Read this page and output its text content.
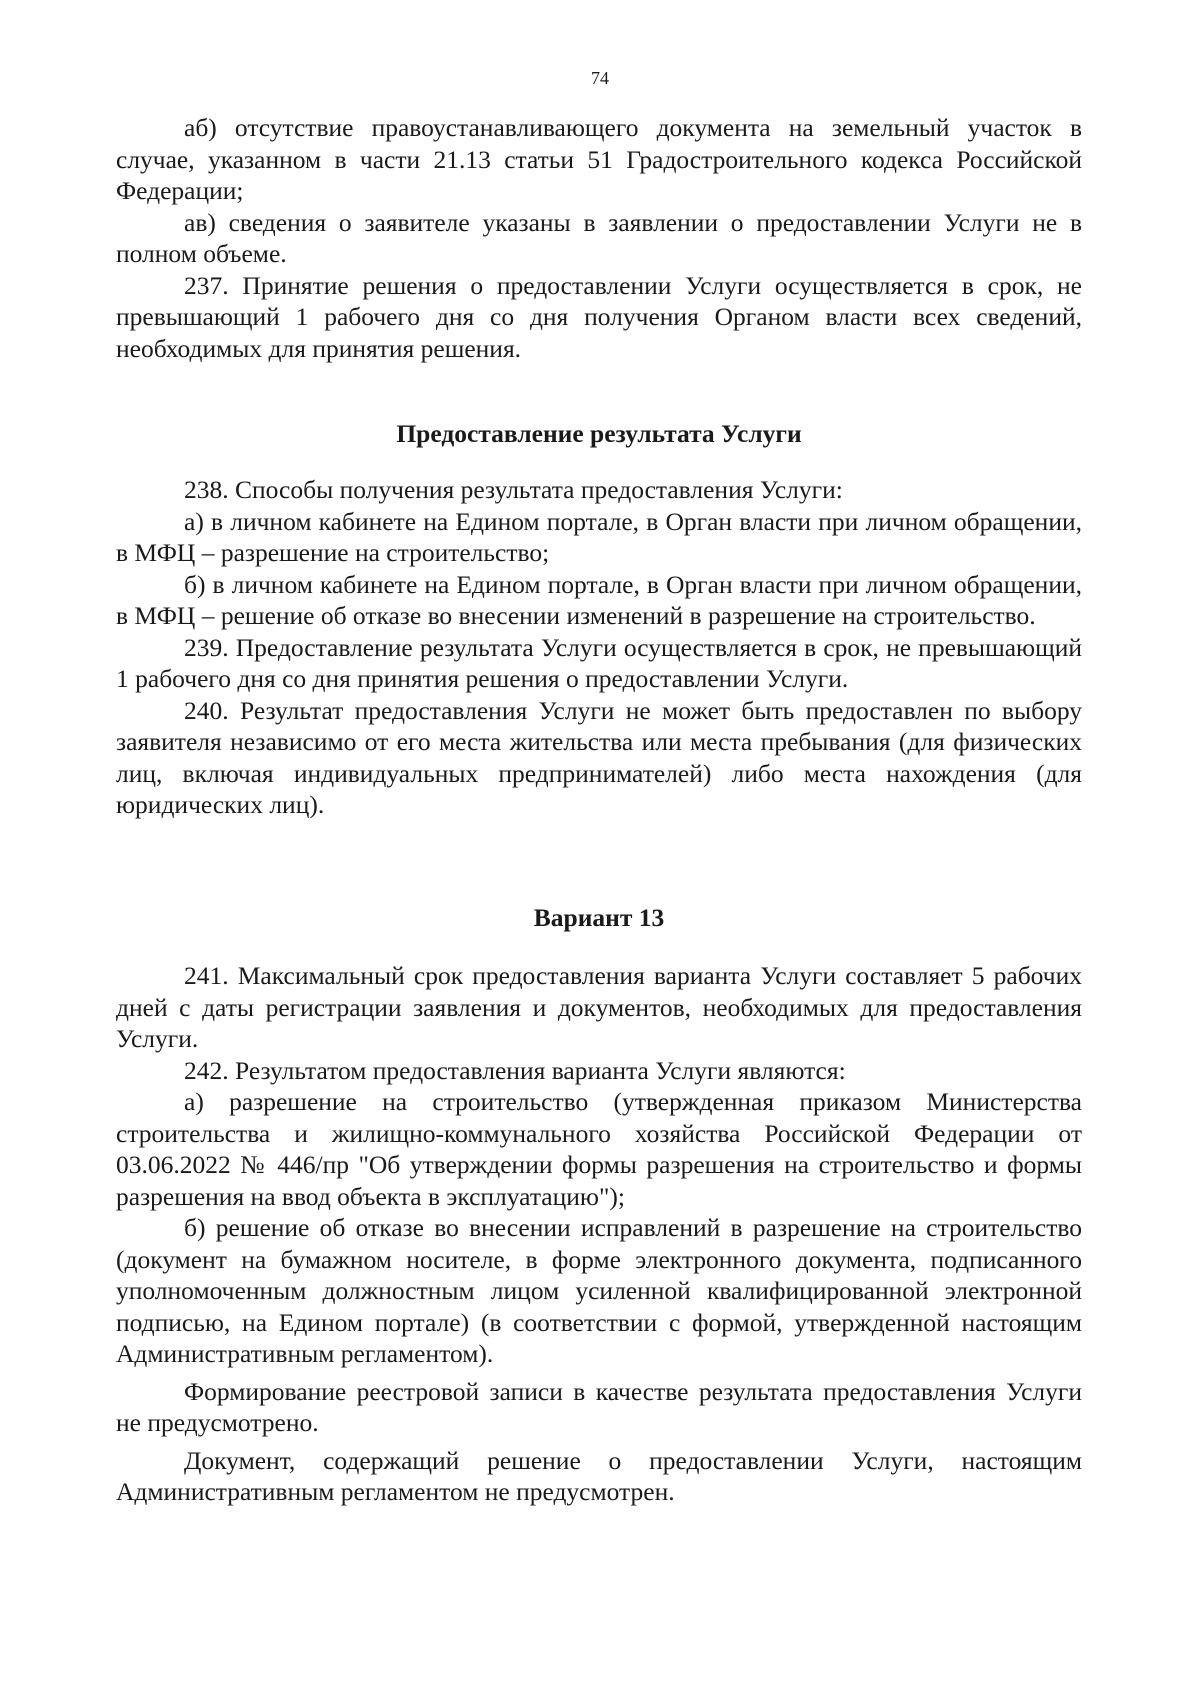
74

аб) отсутствие правоустанавливающего документа на земельный участок в случае, указанном в части 21.13 статьи 51 Градостроительного кодекса Российской Федерации;

ав) сведения о заявителе указаны в заявлении о предоставлении Услуги не в полном объеме.

237. Принятие решения о предоставлении Услуги осуществляется в срок, не превышающий 1 рабочего дня со дня получения Органом власти всех сведений, необходимых для принятия решения.

Предоставление результата Услуги

238. Способы получения результата предоставления Услуги:

а) в личном кабинете на Едином портале, в Орган власти при личном обращении, в МФЦ – разрешение на строительство;

б) в личном кабинете на Едином портале, в Орган власти при личном обращении, в МФЦ – решение об отказе во внесении изменений в разрешение на строительство.

239. Предоставление результата Услуги осуществляется в срок, не превышающий 1 рабочего дня со дня принятия решения о предоставлении Услуги.

240. Результат предоставления Услуги не может быть предоставлен по выбору заявителя независимо от его места жительства или места пребывания (для физических лиц, включая индивидуальных предпринимателей) либо места нахождения (для юридических лиц).

Вариант 13

241. Максимальный срок предоставления варианта Услуги составляет 5 рабочих дней с даты регистрации заявления и документов, необходимых для предоставления Услуги.

242. Результатом предоставления варианта Услуги являются:

а) разрешение на строительство (утвержденная приказом Министерства строительства и жилищно-коммунального хозяйства Российской Федерации от 03.06.2022 № 446/пр "Об утверждении формы разрешения на строительство и формы разрешения на ввод объекта в эксплуатацию");

б) решение об отказе во внесении исправлений в разрешение на строительство (документ на бумажном носителе, в форме электронного документа, подписанного уполномоченным должностным лицом усиленной квалифицированной электронной подписью, на Едином портале) (в соответствии с формой, утвержденной настоящим Административным регламентом).

Формирование реестровой записи в качестве результата предоставления Услуги не предусмотрено.

Документ, содержащий решение о предоставлении Услуги, настоящим Административным регламентом не предусмотрен.
